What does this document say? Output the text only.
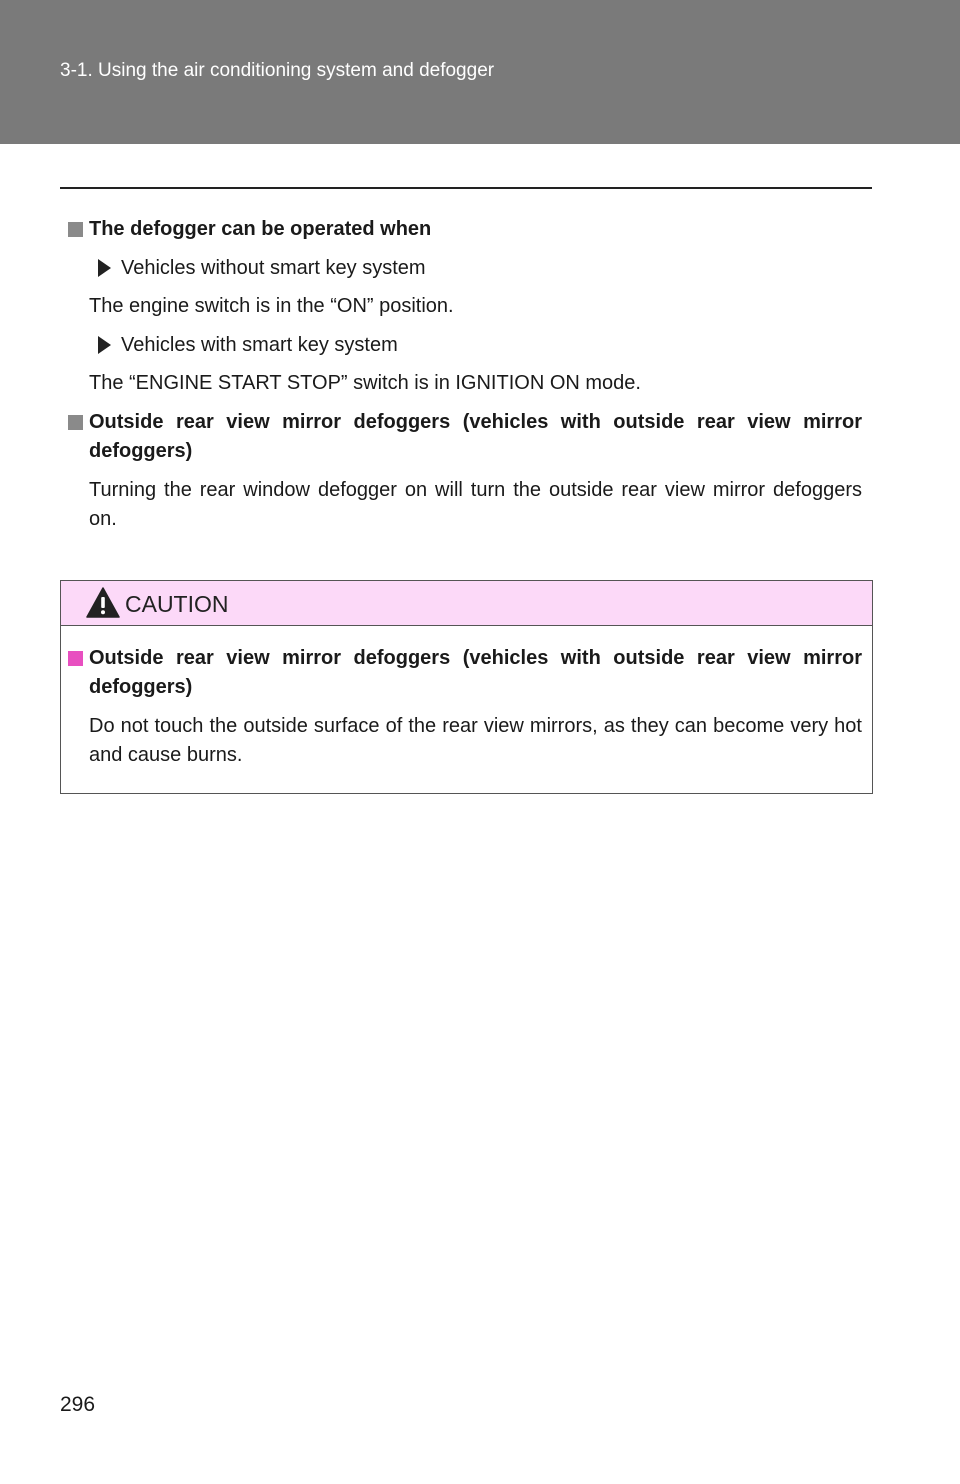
3-1. Using the air conditioning system and defogger
The defogger can be operated when
Vehicles without smart key system
The engine switch is in the “ON” position.
Vehicles with smart key system
The “ENGINE START STOP” switch is in IGNITION ON mode.
Outside rear view mirror defoggers (vehicles with outside rear view mirror defoggers)
Turning the rear window defogger on will turn the outside rear view mirror defoggers on.
CAUTION
Outside rear view mirror defoggers (vehicles with outside rear view mirror defoggers)
Do not touch the outside surface of the rear view mirrors, as they can become very hot and cause burns.
296
